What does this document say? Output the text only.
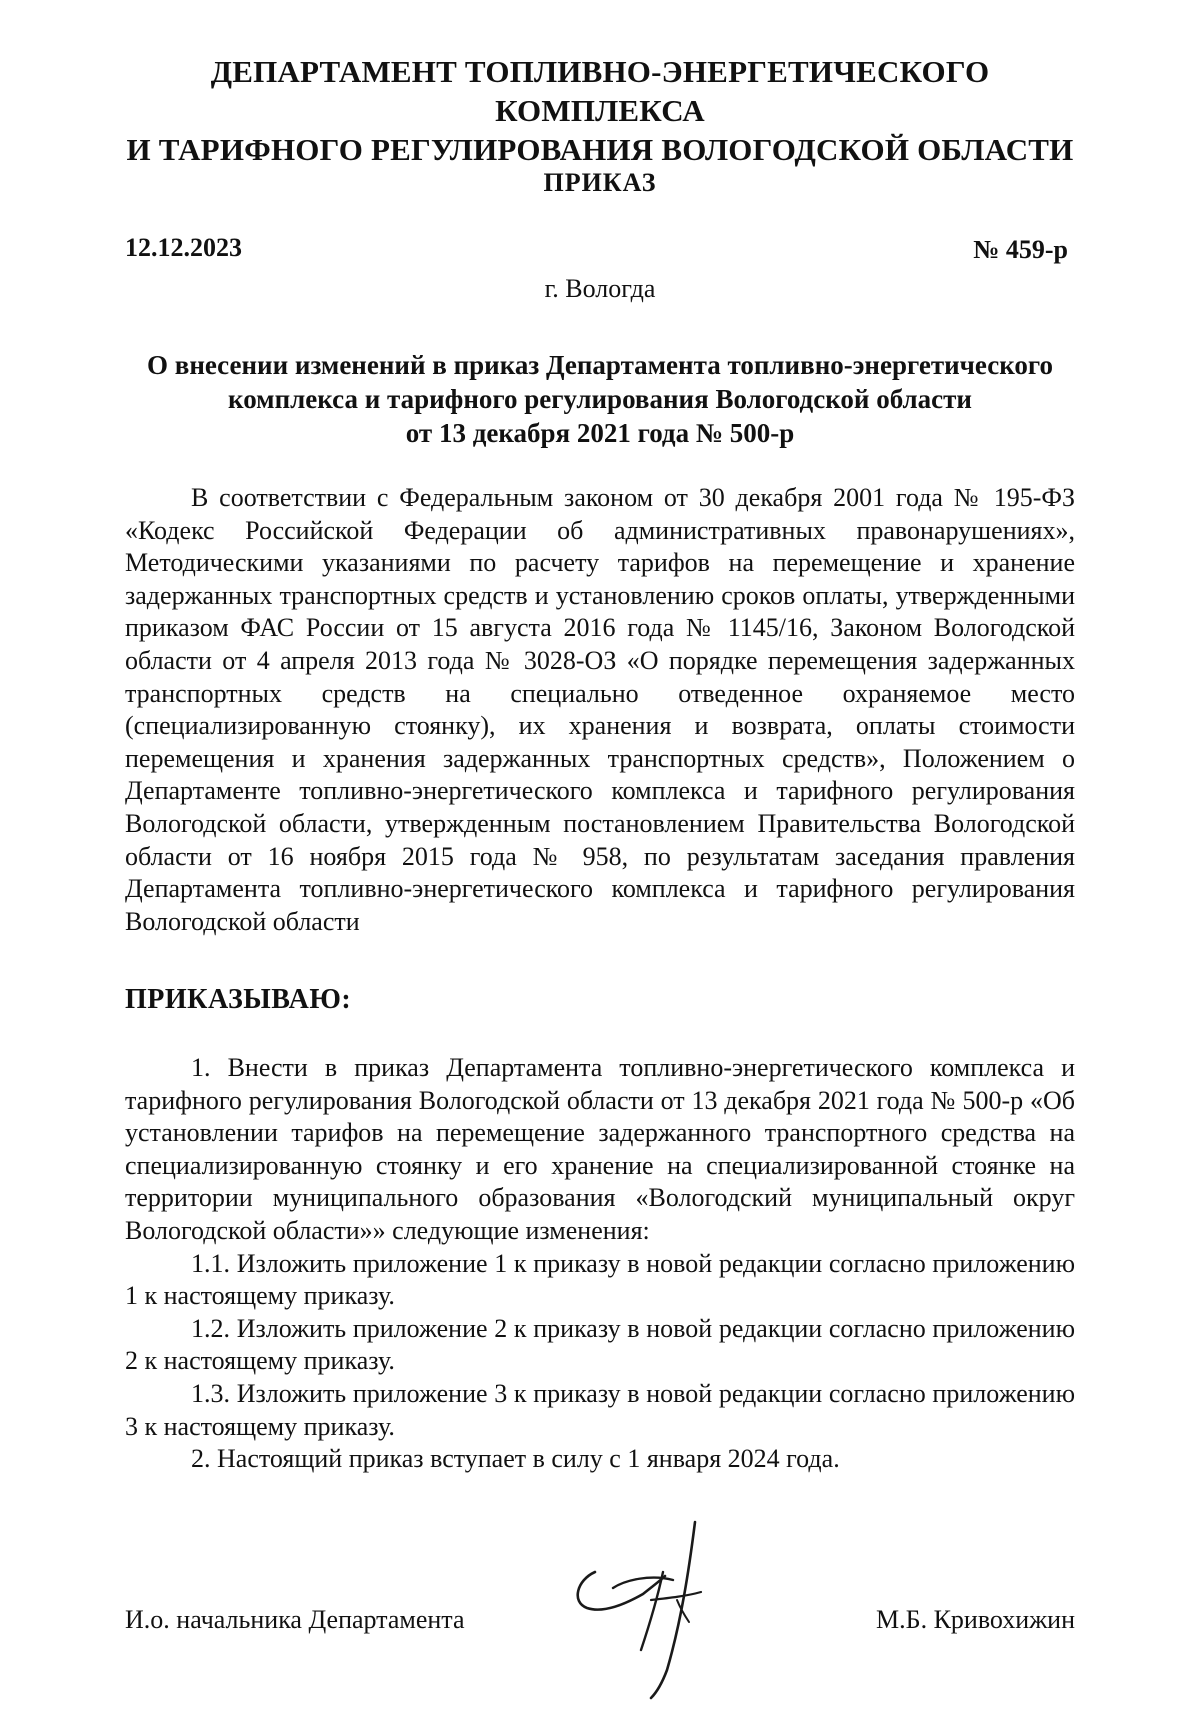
ДЕПАРТАМЕНТ ТОПЛИВНО-ЭНЕРГЕТИЧЕСКОГО КОМПЛЕКСА
И ТАРИФНОГО РЕГУЛИРОВАНИЯ ВОЛОГОДСКОЙ ОБЛАСТИ
ПРИКАЗ
12.12.2023	№ 459-р
г. Вологда
О внесении изменений в приказ Департамента топливно-энергетического
комплекса и тарифного регулирования Вологодской области
от 13 декабря 2021 года № 500-р
В соответствии с Федеральным законом от 30 декабря 2001 года № 195-ФЗ «Кодекс Российской Федерации об административных правонарушениях», Методическими указаниями по расчету тарифов на перемещение и хранение задержанных транспортных средств и установлению сроков оплаты, утвержденными приказом ФАС России от 15 августа 2016 года № 1145/16, Законом Вологодской области от 4 апреля 2013 года № 3028-ОЗ «О порядке перемещения задержанных транспортных средств на специально отведенное охраняемое место (специализированную стоянку), их хранения и возврата, оплаты стоимости перемещения и хранения задержанных транспортных средств», Положением о Департаменте топливно-энергетического комплекса и тарифного регулирования Вологодской области, утвержденным постановлением Правительства Вологодской области от 16 ноября 2015 года № 958, по результатам заседания правления Департамента топливно-энергетического комплекса и тарифного регулирования Вологодской области
ПРИКАЗЫВАЮ:

1. Внести в приказ Департамента топливно-энергетического комплекса и тарифного регулирования Вологодской области от 13 декабря 2021 года № 500-р «Об установлении тарифов на перемещение задержанного транспортного средства на специализированную стоянку и его хранение на специализированной стоянке на территории муниципального образования «Вологодский муниципальный округ Вологодской области»» следующие изменения:

1.1. Изложить приложение 1 к приказу в новой редакции согласно приложению 1 к настоящему приказу.

1.2. Изложить приложение 2 к приказу в новой редакции согласно приложению 2 к настоящему приказу.

1.3. Изложить приложение 3 к приказу в новой редакции согласно приложению 3 к настоящему приказу.

2. Настоящий приказ вступает в силу с 1 января 2024 года.

И.о. начальника Департамента	М.Б. Кривохижин
